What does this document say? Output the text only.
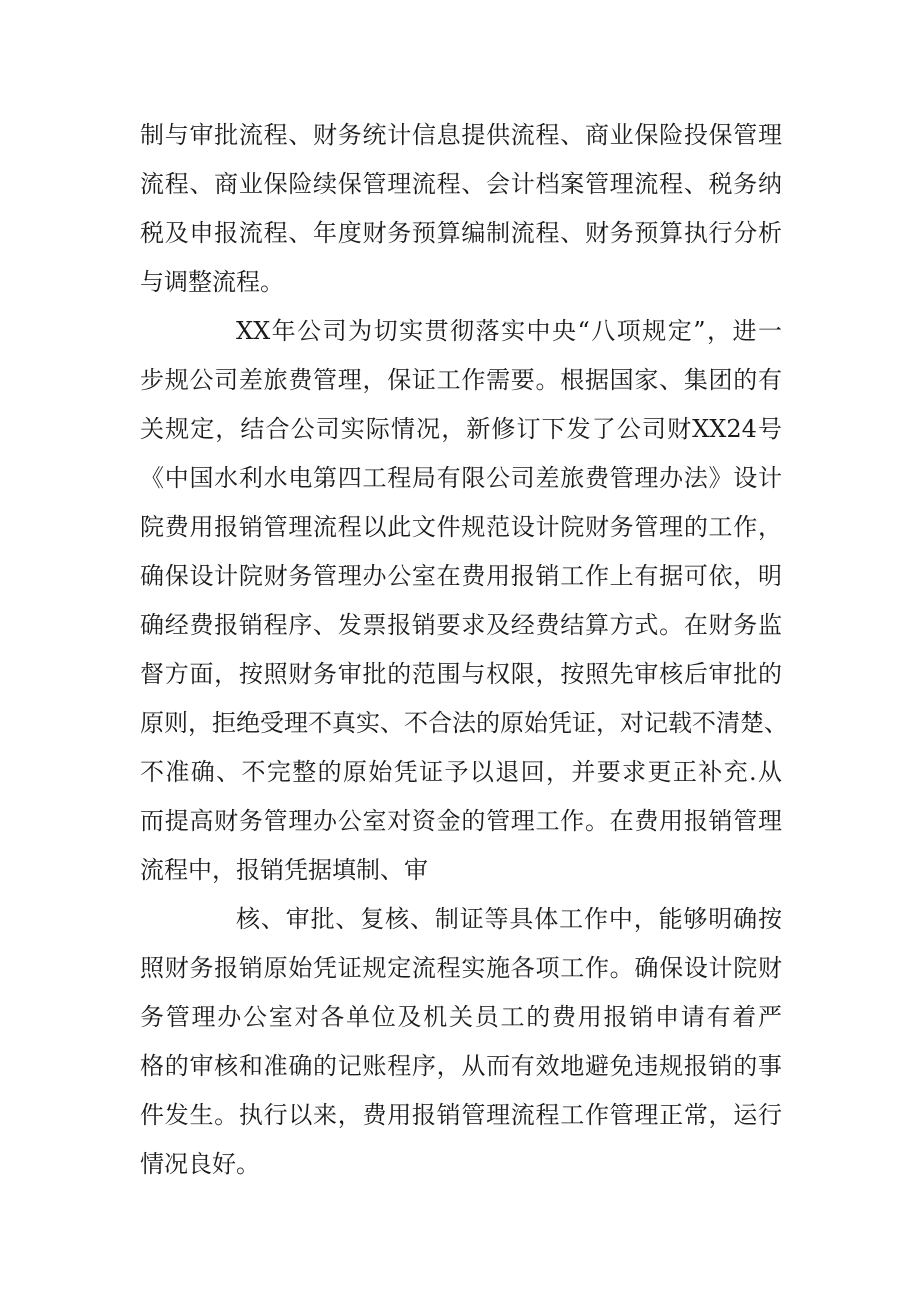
制与审批流程、财务统计信息提供流程、商业保险投保管理
流程、商业保险续保管理流程、会计档案管理流程、税务纳
税及申报流程、年度财务预算编制流程、财务预算执行分析
与调整流程。
XX年公司为切实贯彻落实中央“八项规定”，进一
步规公司差旅费管理，保证工作需要。根据国家、集团的有
关规定，结合公司实际情况，新修订下发了公司财XX24号
《中国水利水电第四工程局有限公司差旅费管理办法》设计
院费用报销管理流程以此文件规范设计院财务管理的工作，
确保设计院财务管理办公室在费用报销工作上有据可依，明
确经费报销程序、发票报销要求及经费结算方式。在财务监
督方面，按照财务审批的范围与权限，按照先审核后审批的
原则，拒绝受理不真实、不合法的原始凭证，对记载不清楚、
不准确、不完整的原始凭证予以退回，并要求更正补充.从
而提高财务管理办公室对资金的管理工作。在费用报销管理
流程中，报销凭据填制、审
核、审批、复核、制证等具体工作中，能够明确按
照财务报销原始凭证规定流程实施各项工作。确保设计院财
务管理办公室对各单位及机关员工的费用报销申请有着严
格的审核和准确的记账程序，从而有效地避免违规报销的事
件发生。执行以来，费用报销管理流程工作管理正常，运行
情况良好。
